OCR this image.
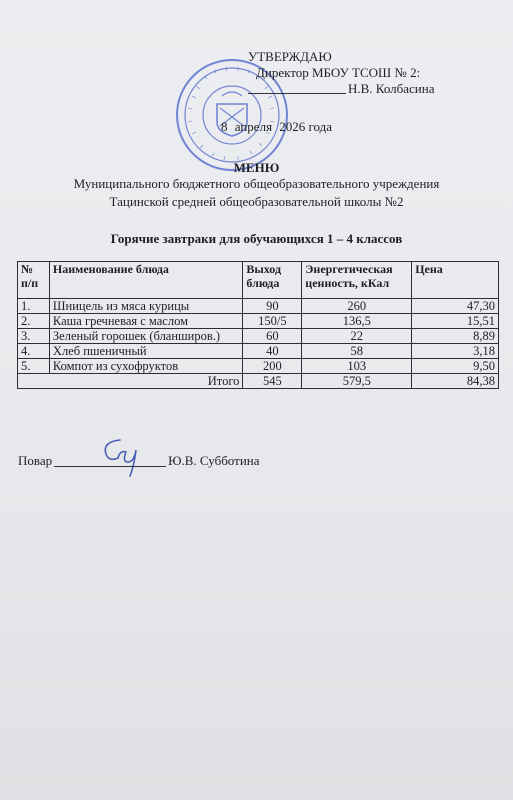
УТВЕРЖДАЮ
Директор МБОУ ТСОШ № 2:
Н.В. Колбасина
8 апреля 2026 года
МЕНЮ
Муниципального бюджетного общеобразовательного учреждения
Тацинской средней общеобразовательной школы №2
Горячие завтраки для обучающихся 1 – 4 классов
№ п/п	Наименование блюда	Выход блюда	Энергетическая ценность, кКал	Цена
1.	Шницель из мяса курицы	90	260	47,30
2.	Каша гречневая с маслом	150/5	136,5	15,51
3.	Зеленый горошек (бланширов.)	60	22	8,89
4.	Хлеб пшеничный	40	58	3,18
5.	Компот из сухофруктов	200	103	9,50
Итого		545	579,5	84,38
Повар	Ю.В. Субботина
